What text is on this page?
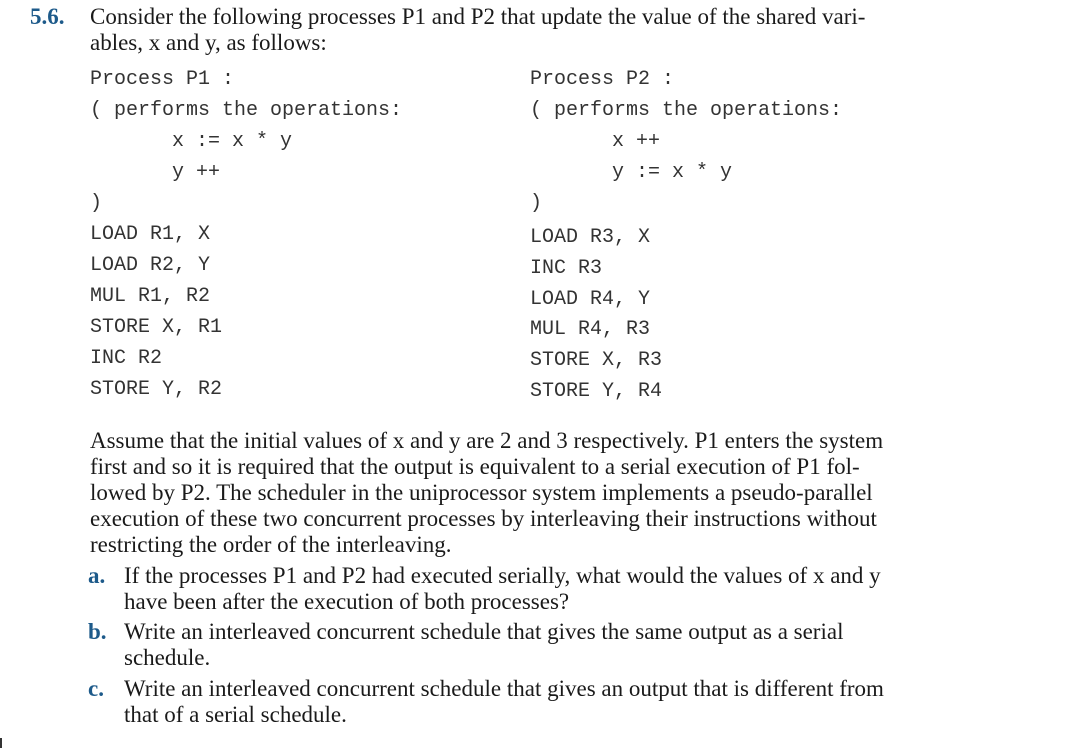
5.6. Consider the following processes P1 and P2 that update the value of the shared vari-
ables, x and y, as follows:
Process P1 :
( performs the operations:
x := x * y
y ++
)
LOAD R1, X
LOAD R2, Y
MUL R1, R2
STORE X, R1
INC R2
STORE Y, R2
Process P2 :
( performs the operations:
x ++
y := x * y
)
LOAD R3, X
INC R3
LOAD R4, Y
MUL R4, R3
STORE X, R3
STORE Y, R4
Assume that the initial values of x and y are 2 and 3 respectively. P1 enters the system
first and so it is required that the output is equivalent to a serial execution of P1 fol-
lowed by P2. The scheduler in the uniprocessor system implements a pseudo-parallel
execution of these two concurrent processes by interleaving their instructions without
restricting the order of the interleaving.
a. If the processes P1 and P2 had executed serially, what would the values of x and y
have been after the execution of both processes?
b. Write an interleaved concurrent schedule that gives the same output as a serial
schedule.
c. Write an interleaved concurrent schedule that gives an output that is different from
that of a serial schedule.
